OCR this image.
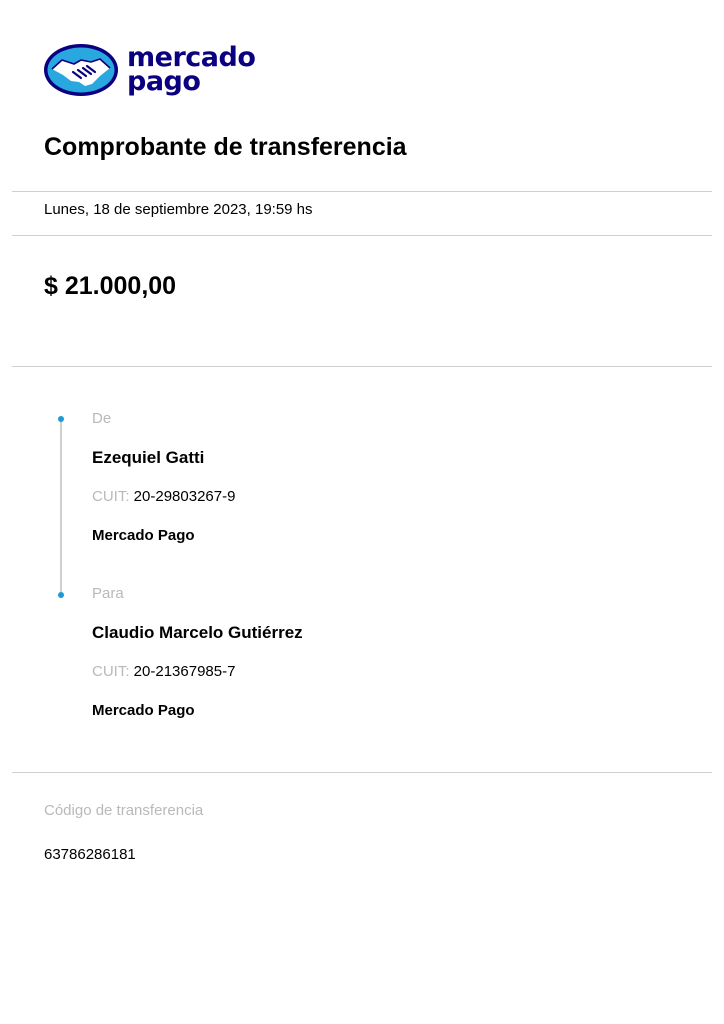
mercado
pago
Comprobante de transferencia
Lunes, 18 de septiembre 2023, 19:59 hs
$ 21.000,00
De
Ezequiel Gatti
CUIT: 20-29803267-9
Mercado Pago
Para
Claudio Marcelo Gutiérrez
CUIT: 20-21367985-7
Mercado Pago
Código de transferencia
63786286181
